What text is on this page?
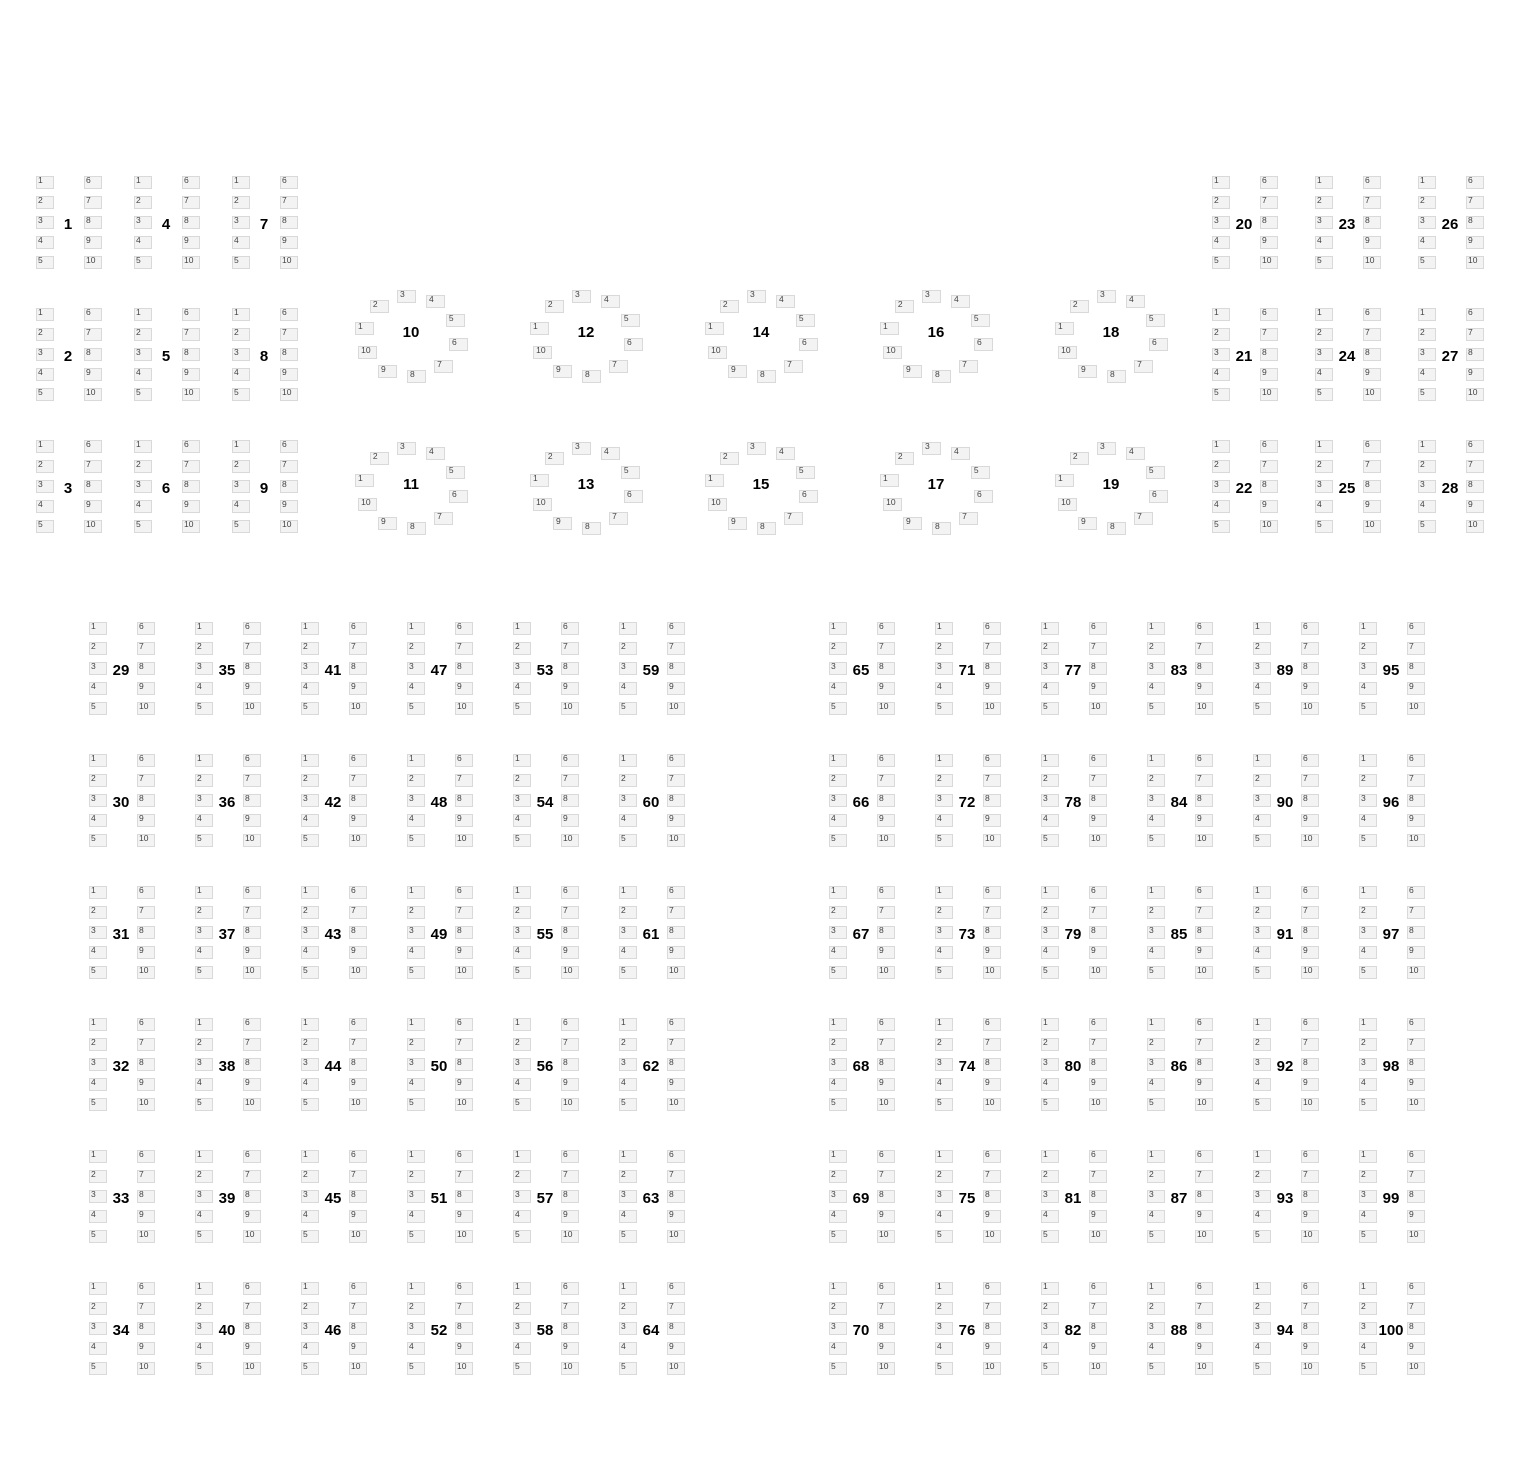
1	6
2	7
3	8
4	9
5	10
1
1	6
2	7
3	8
4	9
5	10
4
1	6
2	7
3	8
4	9
5	10
7
1	6
2	7
3	8
4	9
5	10
2
1	6
2	7
3	8
4	9
5	10
5
1	6
2	7
3	8
4	9
5	10
8
1	6
2	7
3	8
4	9
5	10
3
1	6
2	7
3	8
4	9
5	10
6
1	6
2	7
3	8
4	9
5	10
9
1
2
3
4
5
6
7
8
9
10
10	1
2
3
4
5
6
7
8
9
10
12	1
2
3
4
5
6
7
8
9
10
14	1
2
3
4
5
6
7
8
9
10
16	1
2
3
4
5
6
7
8
9
10
18
1
2
3
4
5
6
7
8
9
10
11	1
2
3
4
5
6
7
8
9
10
13	1
2
3
4
5
6
7
8
9
10
15	1
2
3
4
5
6
7
8
9
10
17	1
2
3
4
5
6
7
8
9
10
19
1	6
2	7
3	8
4	9
5	10
20
1	6
2	7
3	8
4	9
5	10
23
1	6
2	7
3	8
4	9
5	10
26
1	6
2	7
3	8
4	9
5	10
21
1	6
2	7
3	8
4	9
5	10
24
1	6
2	7
3	8
4	9
5	10
27
1	6
2	7
3	8
4	9
5	10
22
1	6
2	7
3	8
4	9
5	10
25
1	6
2	7
3	8
4	9
5	10
28
1	6
2	7
3	8
4	9
5	10
29
1	6
2	7
3	8
4	9
5	10
35
1	6
2	7
3	8
4	9
5	10
41
1	6
2	7
3	8
4	9
5	10
47
1	6
2	7
3	8
4	9
5	10
53
1	6
2	7
3	8
4	9
5	10
59
1	6
2	7
3	8
4	9
5	10
30
1	6
2	7
3	8
4	9
5	10
36
1	6
2	7
3	8
4	9
5	10
42
1	6
2	7
3	8
4	9
5	10
48
1	6
2	7
3	8
4	9
5	10
54
1	6
2	7
3	8
4	9
5	10
60
1	6
2	7
3	8
4	9
5	10
31
1	6
2	7
3	8
4	9
5	10
37
1	6
2	7
3	8
4	9
5	10
43
1	6
2	7
3	8
4	9
5	10
49
1	6
2	7
3	8
4	9
5	10
55
1	6
2	7
3	8
4	9
5	10
61
1	6
2	7
3	8
4	9
5	10
32
1	6
2	7
3	8
4	9
5	10
38
1	6
2	7
3	8
4	9
5	10
44
1	6
2	7
3	8
4	9
5	10
50
1	6
2	7
3	8
4	9
5	10
56
1	6
2	7
3	8
4	9
5	10
62
1	6
2	7
3	8
4	9
5	10
33
1	6
2	7
3	8
4	9
5	10
39
1	6
2	7
3	8
4	9
5	10
45
1	6
2	7
3	8
4	9
5	10
51
1	6
2	7
3	8
4	9
5	10
57
1	6
2	7
3	8
4	9
5	10
63
1	6
2	7
3	8
4	9
5	10
34
1	6
2	7
3	8
4	9
5	10
40
1	6
2	7
3	8
4	9
5	10
46
1	6
2	7
3	8
4	9
5	10
52
1	6
2	7
3	8
4	9
5	10
58
1	6
2	7
3	8
4	9
5	10
64
1	6
2	7
3	8
4	9
5	10
65
1	6
2	7
3	8
4	9
5	10
71
1	6
2	7
3	8
4	9
5	10
77
1	6
2	7
3	8
4	9
5	10
83
1	6
2	7
3	8
4	9
5	10
89
1	6
2	7
3	8
4	9
5	10
95
1	6
2	7
3	8
4	9
5	10
66
1	6
2	7
3	8
4	9
5	10
72
1	6
2	7
3	8
4	9
5	10
78
1	6
2	7
3	8
4	9
5	10
84
1	6
2	7
3	8
4	9
5	10
90
1	6
2	7
3	8
4	9
5	10
96
1	6
2	7
3	8
4	9
5	10
67
1	6
2	7
3	8
4	9
5	10
73
1	6
2	7
3	8
4	9
5	10
79
1	6
2	7
3	8
4	9
5	10
85
1	6
2	7
3	8
4	9
5	10
91
1	6
2	7
3	8
4	9
5	10
97
1	6
2	7
3	8
4	9
5	10
68
1	6
2	7
3	8
4	9
5	10
74
1	6
2	7
3	8
4	9
5	10
80
1	6
2	7
3	8
4	9
5	10
86
1	6
2	7
3	8
4	9
5	10
92
1	6
2	7
3	8
4	9
5	10
98
1	6
2	7
3	8
4	9
5	10
69
1	6
2	7
3	8
4	9
5	10
75
1	6
2	7
3	8
4	9
5	10
81
1	6
2	7
3	8
4	9
5	10
87
1	6
2	7
3	8
4	9
5	10
93
1	6
2	7
3	8
4	9
5	10
99
1	6
2	7
3	8
4	9
5	10
70
1	6
2	7
3	8
4	9
5	10
76
1	6
2	7
3	8
4	9
5	10
82
1	6
2	7
3	8
4	9
5	10
88
1	6
2	7
3	8
4	9
5	10
94
1	6
2	7
3	8
4	9
5	10
100
